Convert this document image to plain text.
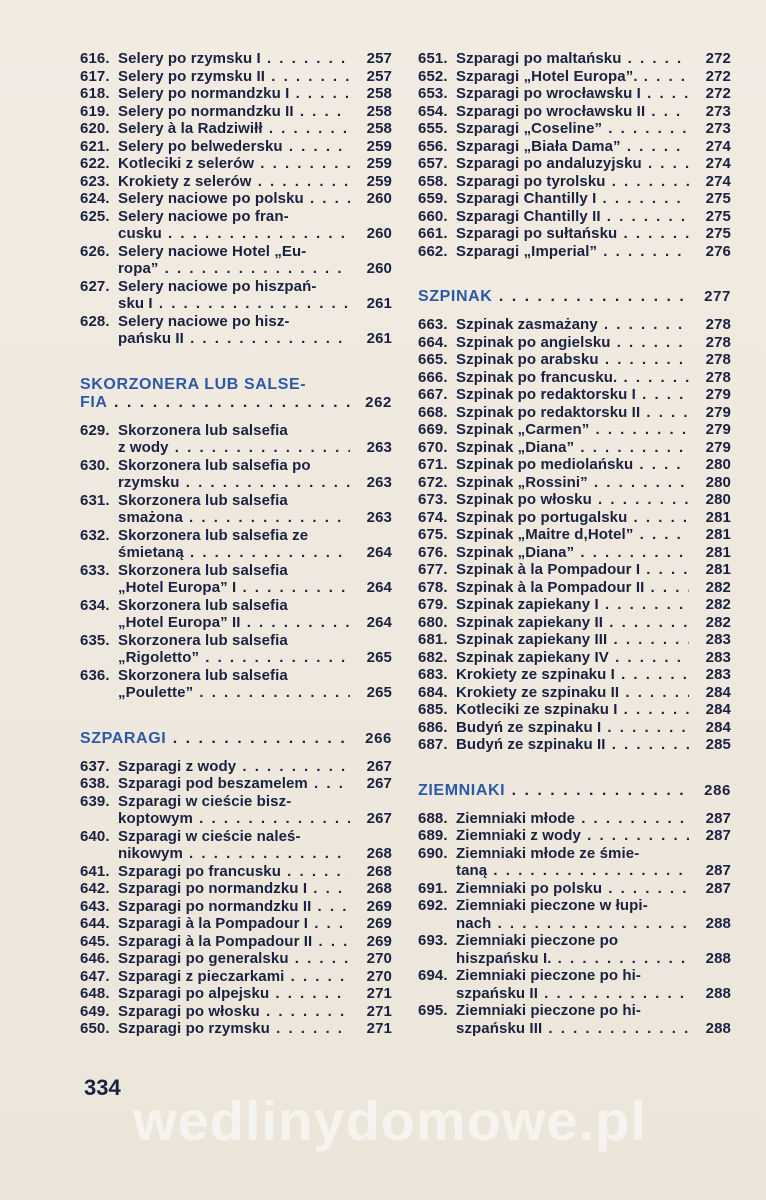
616. Selery po rzymsku I . . .	257
617. Selery po rzymsku II . . .	257
618. Selery po normandzku I . . .	258
619. Selery po normandzku II . . .	258
620. Selery à la Radziwiłł . . .	258
621. Selery po belwedersku . . .	259
622. Kotleciki z selerów . . .	259
623. Krokiety z selerów . . .	259
624. Selery naciowe po polsku . . .	260
625. Selery naciowe po fran-
cusku . . .	260
626. Selery naciowe Hotel „Eu-
ropa” . . .	260
627. Selery naciowe po hiszpań-
sku I . . .	261
628. Selery naciowe po hisz-
pańsku II . . .	261
SKORZONERA LUB SALSE-
FIA . . .	262
629. Skorzonera lub salsefia
z wody . . .	263
630. Skorzonera lub salsefia po
rzymsku . . .	263
631. Skorzonera lub salsefia
smażona . . .	263
632. Skorzonera lub salsefia ze
śmietaną . . .	264
633. Skorzonera lub salsefia
„Hotel Europa” I . . .	264
634. Skorzonera lub salsefia
„Hotel Europa” II . . .	264
635. Skorzonera lub salsefia
„Rigoletto” . . .	265
636. Skorzonera lub salsefia
„Poulette” . . .	265
SZPARAGI . . .	266
637. Szparagi z wody . . .	267
638. Szparagi pod beszamelem . . .	267
639. Szparagi w cieście bisz-
koptowym . . .	267
640. Szparagi w cieście naleś-
nikowym . . .	268
641. Szparagi po francusku . . .	268
642. Szparagi po normandzku I . . .	268
643. Szparagi po normandzku II . . .	269
644. Szparagi à la Pompadour I . . .	269
645. Szparagi à la Pompadour II . . .	269
646. Szparagi po generalsku . . .	270
647. Szparagi z pieczarkami . . .	270
648. Szparagi po alpejsku . . .	271
649. Szparagi po włosku . . .	271
650. Szparagi po rzymsku . . .	271
651. Szparagi po maltańsku . . .	272
652. Szparagi „Hotel Europa”. . . .	272
653. Szparagi po wrocławsku I . . .	272
654. Szparagi po wrocławsku II . . .	273
655. Szparagi „Coseline” . . .	273
656. Szparagi „Biała Dama” . . .	274
657. Szparagi po andaluzyjsku . . .	274
658. Szparagi po tyrolsku . . .	274
659. Szparagi Chantilly I . . .	275
660. Szparagi Chantilly II . . .	275
661. Szparagi po sułtańsku . . .	275
662. Szparagi „Imperial” . . .	276
SZPINAK . . .	277
663. Szpinak zasmażany . . .	278
664. Szpinak po angielsku . . .	278
665. Szpinak po arabsku . . .	278
666. Szpinak po francusku. . . .	278
667. Szpinak po redaktorsku I . . .	279
668. Szpinak po redaktorsku II . . .	279
669. Szpinak „Carmen” . . .	279
670. Szpinak „Diana” . . .	279
671. Szpinak po mediolańsku . . .	280
672. Szpinak „Rossini” . . .	280
673. Szpinak po włosku . . .	280
674. Szpinak po portugalsku . . .	281
675. Szpinak „Maitre d,Hotel” . . .	281
676. Szpinak „Diana” . . .	281
677. Szpinak à la Pompadour I . . .	281
678. Szpinak à la Pompadour II . . .	282
679. Szpinak zapiekany I . . .	282
680. Szpinak zapiekany II . . .	282
681. Szpinak zapiekany III . . .	283
682. Szpinak zapiekany IV . . .	283
683. Krokiety ze szpinaku I . . .	283
684. Krokiety ze szpinaku II . . .	284
685. Kotleciki ze szpinaku I . . .	284
686. Budyń ze szpinaku I . . .	284
687. Budyń ze szpinaku II . . .	285
ZIEMNIAKI . . .	286
688. Ziemniaki młode . . .	287
689. Ziemniaki z wody . . .	287
690. Ziemniaki młode ze śmie-
taną . . .	287
691. Ziemniaki po polsku . . .	287
692. Ziemniaki pieczone w łupi-
nach . . .	288
693. Ziemniaki pieczone po
hiszpańsku I. . . .	288
694. Ziemniaki pieczone po hi-
szpańsku II . . .	288
695. Ziemniaki pieczone po hi-
szpańsku III . . .	288
wedlinydomowe.pl
334
